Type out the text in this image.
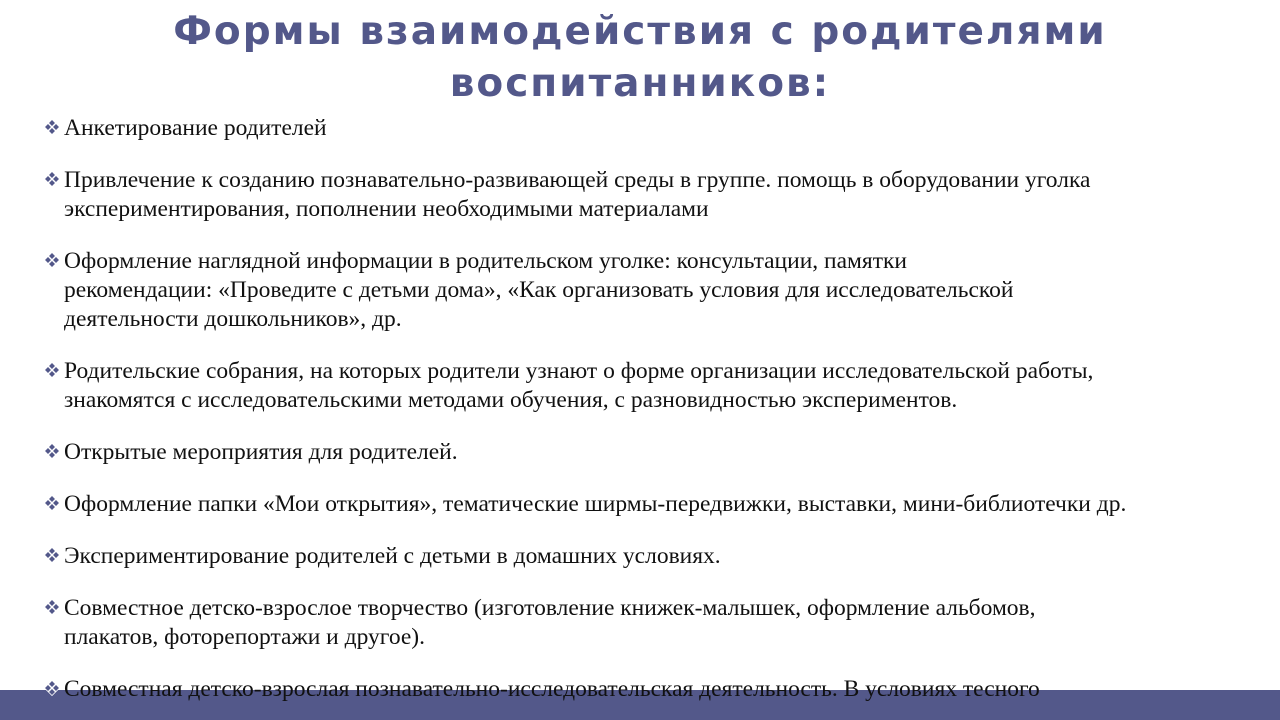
Формы взаимодействия с родителями
воспитанников:
Анкетирование родителей
Привлечение к созданию познавательно-развивающей среды в группе. помощь в оборудовании уголка
экспериментирования, пополнении необходимыми материалами
Оформление наглядной информации в родительском уголке: консультации, памятки
рекомендации: «Проведите с детьми дома», «Как организовать условия для исследовательской
деятельности дошкольников», др.
Родительские собрания, на которых родители узнают о форме организации исследовательской работы,
знакомятся с исследовательскими методами обучения, с разновидностью экспериментов.
Открытые мероприятия для родителей.
Оформление папки «Мои открытия», тематические ширмы-передвижки, выставки, мини-библиотечки др.
Экспериментирование родителей с детьми в домашних условиях.
Совместное детско-взрослое творчество (изготовление книжек-малышек, оформление альбомов,
плакатов, фоторепортажи и другое).
Совместная детско-взрослая познавательно-исследовательская деятельность. В условиях тесного
